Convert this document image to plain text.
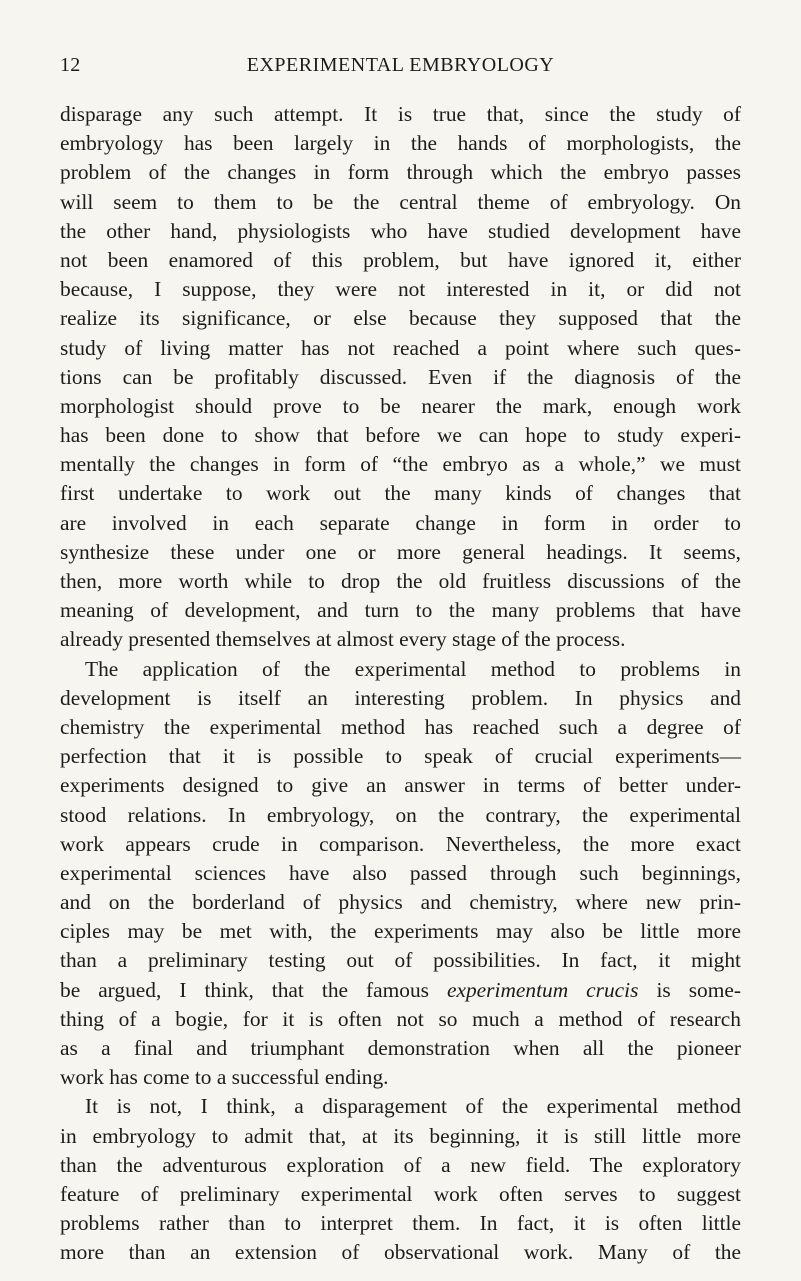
12	EXPERIMENTAL EMBRYOLOGY
disparage any such attempt. It is true that, since the study of
embryology has been largely in the hands of morphologists, the
problem of the changes in form through which the embryo passes
will seem to them to be the central theme of embryology. On
the other hand, physiologists who have studied development have
not been enamored of this problem, but have ignored it, either
because, I suppose, they were not interested in it, or did not
realize its significance, or else because they supposed that the
study of living matter has not reached a point where such ques-
tions can be profitably discussed. Even if the diagnosis of the
morphologist should prove to be nearer the mark, enough work
has been done to show that before we can hope to study experi-
mentally the changes in form of “the embryo as a whole,” we must
first undertake to work out the many kinds of changes that
are involved in each separate change in form in order to
synthesize these under one or more general headings. It seems,
then, more worth while to drop the old fruitless discussions of the
meaning of development, and turn to the many problems that have
already presented themselves at almost every stage of the process.
The application of the experimental method to problems in
development is itself an interesting problem. In physics and
chemistry the experimental method has reached such a degree of
perfection that it is possible to speak of crucial experiments—
experiments designed to give an answer in terms of better under-
stood relations. In embryology, on the contrary, the experimental
work appears crude in comparison. Nevertheless, the more exact
experimental sciences have also passed through such beginnings,
and on the borderland of physics and chemistry, where new prin-
ciples may be met with, the experiments may also be little more
than a preliminary testing out of possibilities. In fact, it might
be argued, I think, that the famous experimentum crucis is some-
thing of a bogie, for it is often not so much a method of research
as a final and triumphant demonstration when all the pioneer
work has come to a successful ending.
It is not, I think, a disparagement of the experimental method
in embryology to admit that, at its beginning, it is still little more
than the adventurous exploration of a new field. The exploratory
feature of preliminary experimental work often serves to suggest
problems rather than to interpret them. In fact, it is often little
more than an extension of observational work. Many of the
